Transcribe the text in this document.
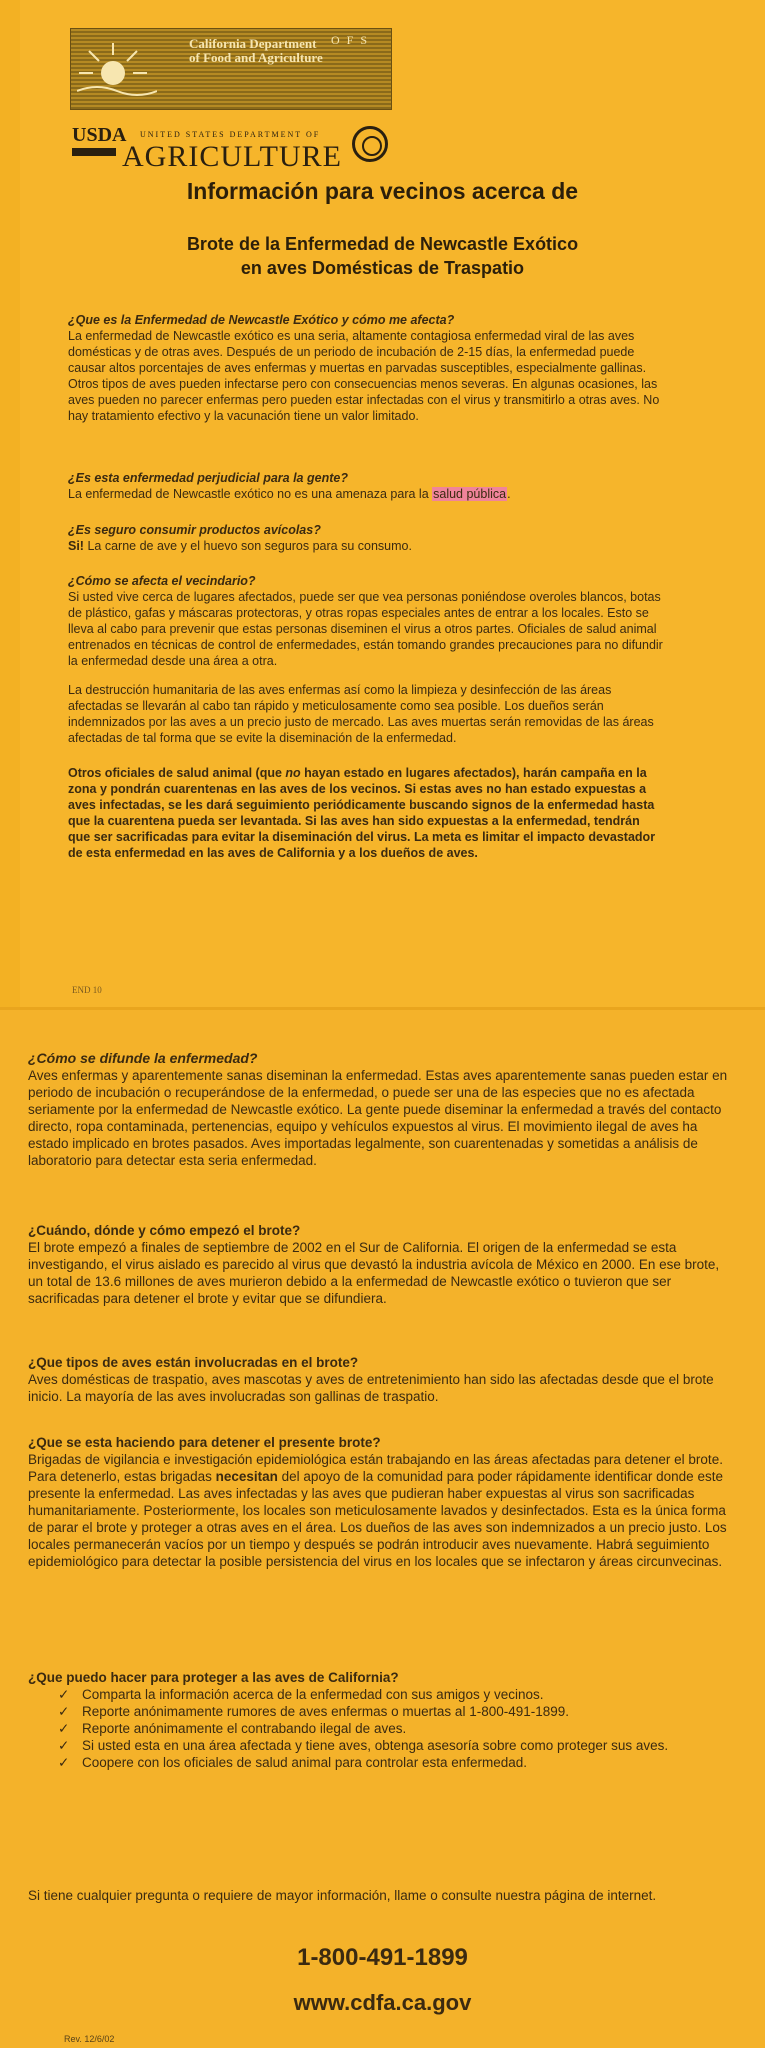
California Department
of Food and Agriculture
O F S
USDA UNITED STATES DEPARTMENT OF
AGRICULTURE
Información para vecinos acerca de
Brote de la Enfermedad de Newcastle Exótico
en aves Domésticas de Traspatio
¿Que es la Enfermedad de Newcastle Exótico y cómo me afecta?
La enfermedad de Newcastle exótico es una seria, altamente contagiosa enfermedad viral de las aves domésticas y de otras aves. Después de un periodo de incubación de 2-15 días, la enfermedad puede causar altos porcentajes de aves enfermas y muertas en parvadas susceptibles, especialmente gallinas. Otros tipos de aves pueden infectarse pero con consecuencias menos severas. En algunas ocasiones, las aves pueden no parecer enfermas pero pueden estar infectadas con el virus y transmitirlo a otras aves. No hay tratamiento efectivo y la vacunación tiene un valor limitado.
¿Es esta enfermedad perjudicial para la gente?
La enfermedad de Newcastle exótico no es una amenaza para la salud pública.
¿Es seguro consumir productos avícolas?
Si! La carne de ave y el huevo son seguros para su consumo.
¿Cómo se afecta el vecindario?
Si usted vive cerca de lugares afectados, puede ser que vea personas poniéndose overoles blancos, botas de plástico, gafas y máscaras protectoras, y otras ropas especiales antes de entrar a los locales. Esto se lleva al cabo para prevenir que estas personas diseminen el virus a otros partes. Oficiales de salud animal entrenados en técnicas de control de enfermedades, están tomando grandes precauciones para no difundir la enfermedad desde una área a otra.
La destrucción humanitaria de las aves enfermas así como la limpieza y desinfección de las áreas afectadas se llevarán al cabo tan rápido y meticulosamente como sea posible. Los dueños serán indemnizados por las aves a un precio justo de mercado. Las aves muertas serán removidas de las áreas afectadas de tal forma que se evite la diseminación de la enfermedad.
Otros oficiales de salud animal (que no hayan estado en lugares afectados), harán campaña en la zona y pondrán cuarentenas en las aves de los vecinos. Si estas aves no han estado expuestas a aves infectadas, se les dará seguimiento periódicamente buscando signos de la enfermedad hasta que la cuarentena pueda ser levantada. Si las aves han sido expuestas a la enfermedad, tendrán que ser sacrificadas para evitar la diseminación del virus. La meta es limitar el impacto devastador de esta enfermedad en las aves de California y a los dueños de aves.
END 10
¿Cómo se difunde la enfermedad?
Aves enfermas y aparentemente sanas diseminan la enfermedad. Estas aves aparentemente sanas pueden estar en periodo de incubación o recuperándose de la enfermedad, o puede ser una de las especies que no es afectada seriamente por la enfermedad de Newcastle exótico. La gente puede diseminar la enfermedad a través del contacto directo, ropa contaminada, pertenencias, equipo y vehículos expuestos al virus. El movimiento ilegal de aves ha estado implicado en brotes pasados. Aves importadas legalmente, son cuarentenadas y sometidas a análisis de laboratorio para detectar esta seria enfermedad.
¿Cuándo, dónde y cómo empezó el brote?
El brote empezó a finales de septiembre de 2002 en el Sur de California. El origen de la enfermedad se esta investigando, el virus aislado es parecido al virus que devastó la industria avícola de México en 2000. En ese brote, un total de 13.6 millones de aves murieron debido a la enfermedad de Newcastle exótico o tuvieron que ser sacrificadas para detener el brote y evitar que se difundiera.
¿Que tipos de aves están involucradas en el brote?
Aves domésticas de traspatio, aves mascotas y aves de entretenimiento han sido las afectadas desde que el brote inicio. La mayoría de las aves involucradas son gallinas de traspatio.
¿Que se esta haciendo para detener el presente brote?
Brigadas de vigilancia e investigación epidemiológica están trabajando en las áreas afectadas para detener el brote. Para detenerlo, estas brigadas necesitan del apoyo de la comunidad para poder rápidamente identificar donde este presente la enfermedad. Las aves infectadas y las aves que pudieran haber expuestas al virus son sacrificadas humanitariamente. Posteriormente, los locales son meticulosamente lavados y desinfectados. Esta es la única forma de parar el brote y proteger a otras aves en el área. Los dueños de las aves son indemnizados a un precio justo. Los locales permanecerán vacíos por un tiempo y después se podrán introducir aves nuevamente. Habrá seguimiento epidemiológico para detectar la posible persistencia del virus en los locales que se infectaron y áreas circunvecinas.
¿Que puedo hacer para proteger a las aves de California?
✓ Comparta la información acerca de la enfermedad con sus amigos y vecinos.
✓ Reporte anónimamente rumores de aves enfermas o muertas al 1-800-491-1899.
✓ Reporte anónimamente el contrabando ilegal de aves.
✓ Si usted esta en una área afectada y tiene aves, obtenga asesoría sobre como proteger sus aves.
✓ Coopere con los oficiales de salud animal para controlar esta enfermedad.
Si tiene cualquier pregunta o requiere de mayor información, llame o consulte nuestra página de internet.
1-800-491-1899
www.cdfa.ca.gov
Rev. 12/6/02
